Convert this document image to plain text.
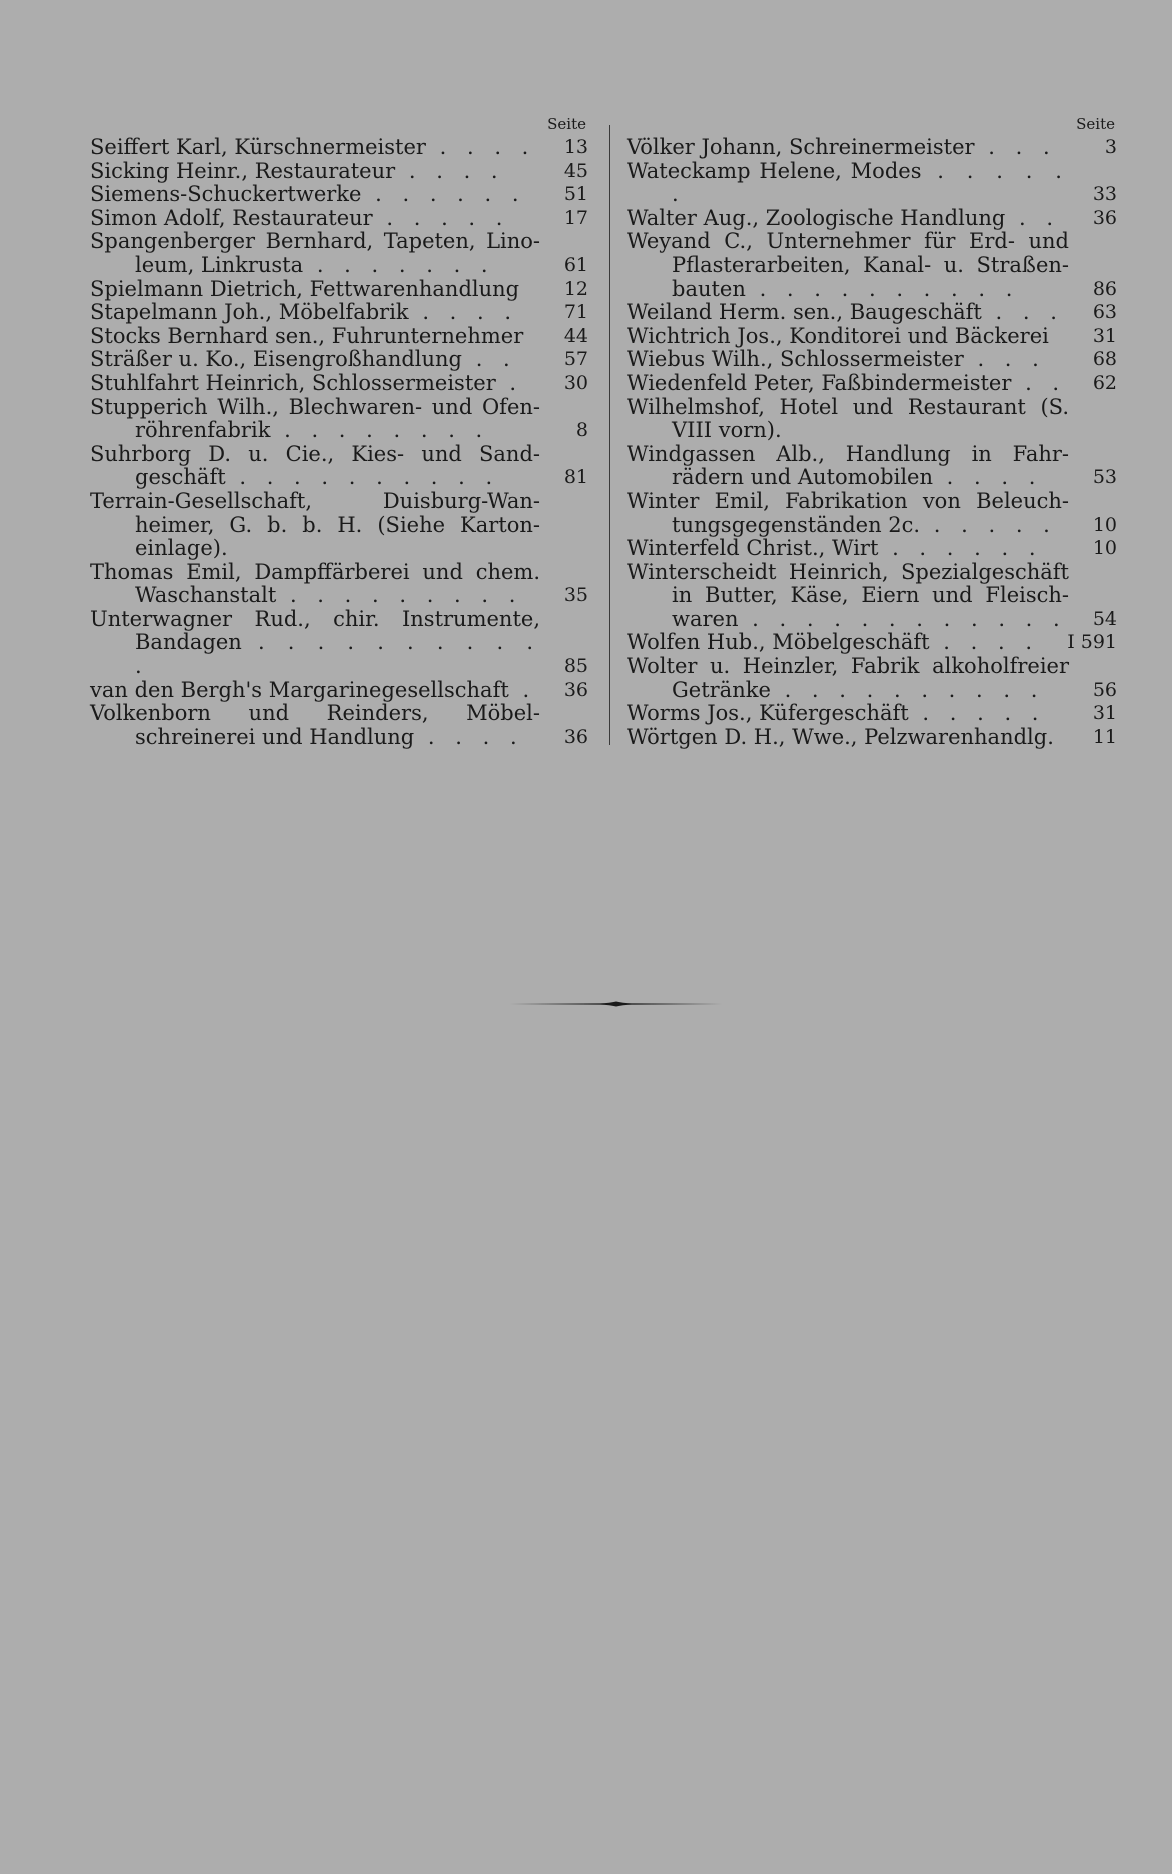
Seite
Seiffert Karl, Kürschnermeister . . . . 13
Sicking Heinr., Restaurateur . . . .	45
Siemens-Schuckertwerke . . . . . . 51
Simon Adolf, Restaurateur . . . . .	17
Spangenberger Bernhard, Tapeten, Lino-leum, Linkrusta . . . . . . .	61
Spielmann Dietrich, Fettwarenhandlung 12
Stapelmann Joh., Möbelfabrik . . . . 71
Stocks Bernhard sen., Fuhrunternehmer 44
Sträßer u. Ko., Eisengroßhandlung . . 57
Stuhlfahrt Heinrich, Schlossermeister . 30
Stupperich Wilh., Blechwaren- und Ofen-röhrenfabrik . . . . . . . .	8
Suhrborg D. u. Cie., Kies- und Sand-geschäft . . . . . . . . . .	81
Terrain-Gesellschaft, Duisburg-Wan-heimer, G. b. b. H. (Siehe Karton-einlage).
Thomas Emil, Dampffärberei und chem. Waschanstalt . . . . . . . . . 35
Unterwagner Rud., chir. Instrumente, Bandagen . . . . . . . . . . .	85
van den Bergh's Margarinegesellschaft . 36
Volkenborn und Reinders, Möbel-schreinerei und Handlung . . . . 36
Seite
Völker Johann, Schreinermeister . . .	3
Wateckamp Helene, Modes . . . . . .	33
Walter Aug., Zoologische Handlung . . 36
Weyand C., Unternehmer für Erd- und Pflasterarbeiten, Kanal- u. Straßen-bauten . . . . . . . . . .	86
Weiland Herm. sen., Baugeschäft . . . 63
Wichtrich Jos., Konditorei und Bäckerei 31
Wiebus Wilh., Schlossermeister . . . 68
Wiedenfeld Peter, Faßbindermeister . . 62
Wilhelmshof, Hotel und Restaurant (S. VIII vorn).
Windgassen Alb., Handlung in Fahr-rädern und Automobilen . . . .	53
Winter Emil, Fabrikation von Beleuch-tungsgegenständen 2c. . . . . . 10
Winterfeld Christ., Wirt . . . . . .	10
Winterscheidt Heinrich, Spezialgeschäft in Butter, Käse, Eiern und Fleisch-waren . . . . . . . . . . . . 54
Wolfen Hub., Möbelgeschäft . . . . I 591
Wolter u. Heinzler, Fabrik alkoholfreier Getränke . . . . . . . . . .	56
Worms Jos., Küfergeschäft . . . . . 31
Wörtgen D. H., Wwe., Pelzwarenhandlg. 11
